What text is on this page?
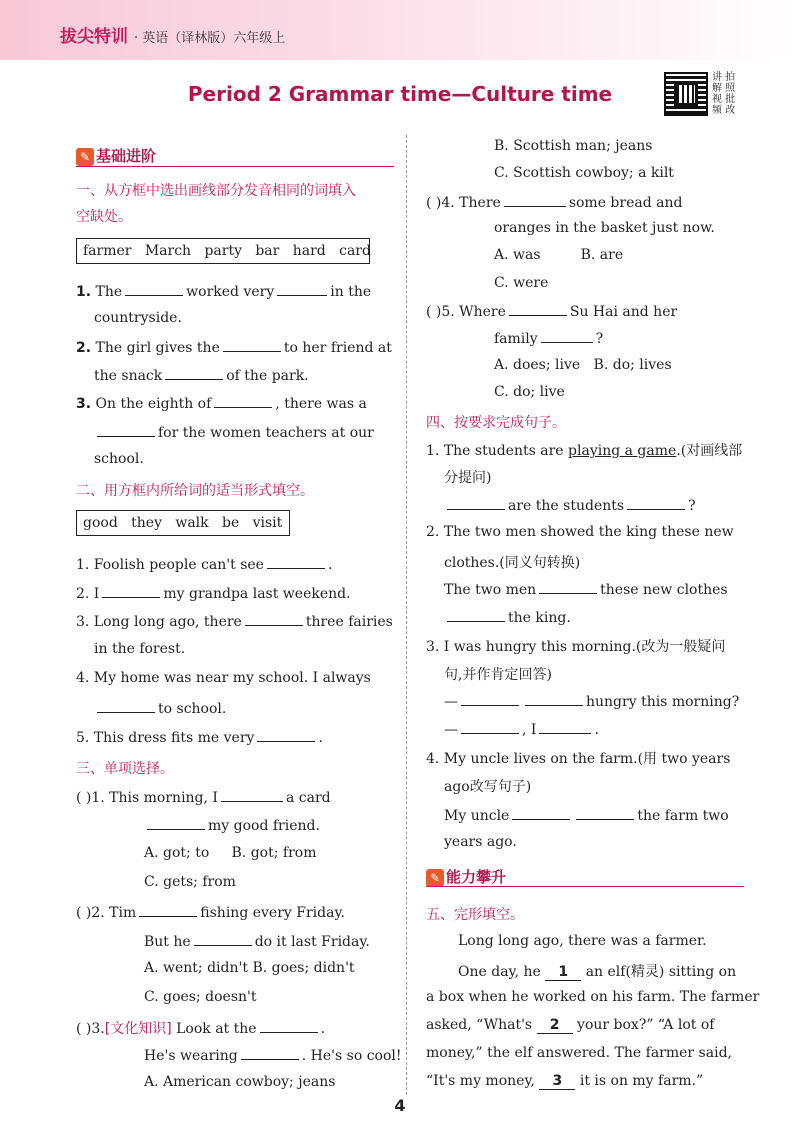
拔尖特训 · 英语（译林版）六年级上
Period 2 Grammar time—Culture time
讲 拍
解 照
视 批
频 改
✎ 基础进阶
一、从方框中选出画线部分发音相同的词填入
空缺处。
farmer March party bar hard card
1. The	worked very	in the
countryside.
2. The girl gives the	to her friend at
the snack	of the park.
3. On the eighth of	, there was a
for the women teachers at our
school.
二、用方框内所给词的适当形式填空。
good they walk be visit
1. Foolish people can't see	.
2. I	my grandpa last weekend.
3. Long long ago, there	three fairies
in the forest.
4. My home was near my school. I always
to school.
5. This dress fits me very	.
三、单项选择。
( )1. This morning, I	a card
my good friend.
A. got; to B. got; from
C. gets; from
( )2. Tim	fishing every Friday.
But he	do it last Friday.
A. went; didn't B. goes; didn't
C. goes; doesn't
( )3.[文化知识] Look at the	.
He's wearing	. He's so cool!
A. American cowboy; jeans
B. Scottish man; jeans
C. Scottish cowboy; a kilt
( )4. There	some bread and
oranges in the basket just now.
A. was	B. are
C. were
( )5. Where	Su Hai and her
family	?
A. does; live B. do; lives
C. do; live
四、按要求完成句子。
1. The students are playing a game.(对画线部
分提问)
are the students	?
2. The two men showed the king these new
clothes.(同义句转换)
The two men	these new clothes
the king.
3. I was hungry this morning.(改为一般疑问
句,并作肯定回答)
—	hungry this morning?
—	, I	.
4. My uncle lives on the farm.(用 two years
ago改写句子)
My uncle	the farm two
years ago.
✎ 能力攀升
五、完形填空。
Long long ago, there was a farmer.
One day, he 1 an elf(精灵) sitting on
a box when he worked on his farm. The farmer
asked, “What's 2 your box?” “A lot of
money,” the elf answered. The farmer said,
“It's my money, 3 it is on my farm.”
4
